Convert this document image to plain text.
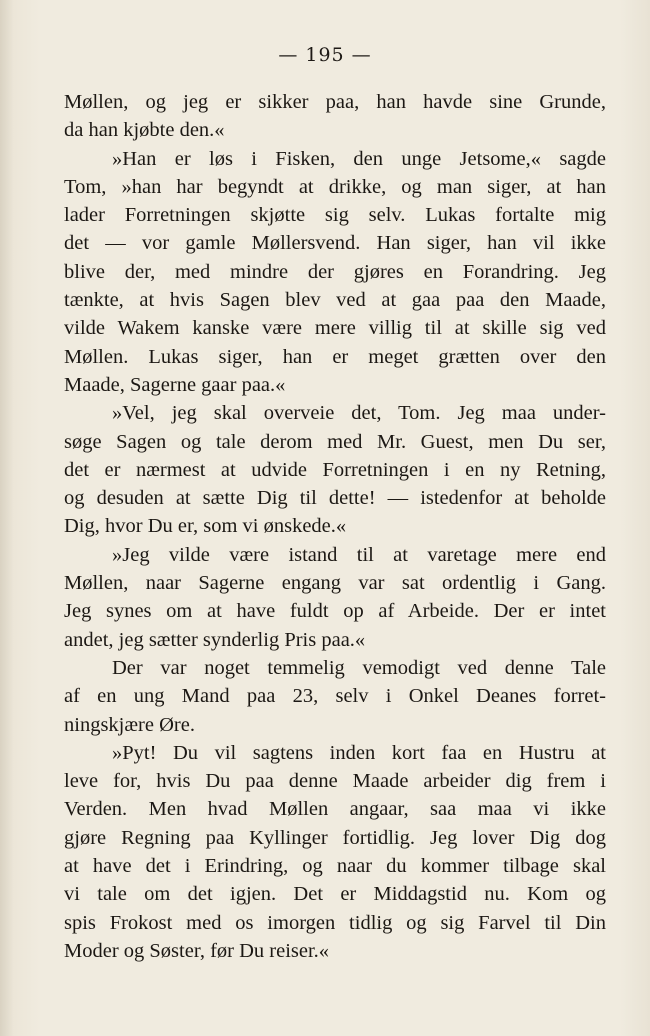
— 195 —
Møllen, og jeg er sikker paa, han havde sine Grunde,
da han kjøbte den.«
»Han er løs i Fisken, den unge Jetsome,« sagde
Tom, »han har begyndt at drikke, og man siger, at han
lader Forretningen skjøtte sig selv. Lukas fortalte mig
det — vor gamle Møllersvend. Han siger, han vil ikke
blive der, med mindre der gjøres en Forandring. Jeg
tænkte, at hvis Sagen blev ved at gaa paa den Maade,
vilde Wakem kanske være mere villig til at skille sig ved
Møllen. Lukas siger, han er meget grætten over den
Maade, Sagerne gaar paa.«
»Vel, jeg skal overveie det, Tom. Jeg maa under-
søge Sagen og tale derom med Mr. Guest, men Du ser,
det er nærmest at udvide Forretningen i en ny Retning,
og desuden at sætte Dig til dette! — istedenfor at beholde
Dig, hvor Du er, som vi ønskede.«
»Jeg vilde være istand til at varetage mere end
Møllen, naar Sagerne engang var sat ordentlig i Gang.
Jeg synes om at have fuldt op af Arbeide. Der er intet
andet, jeg sætter synderlig Pris paa.«
Der var noget temmelig vemodigt ved denne Tale
af en ung Mand paa 23, selv i Onkel Deanes forret-
ningskjære Øre.
»Pyt! Du vil sagtens inden kort faa en Hustru at
leve for, hvis Du paa denne Maade arbeider dig frem i
Verden. Men hvad Møllen angaar, saa maa vi ikke
gjøre Regning paa Kyllinger fortidlig. Jeg lover Dig dog
at have det i Erindring, og naar du kommer tilbage skal
vi tale om det igjen. Det er Middagstid nu. Kom og
spis Frokost med os imorgen tidlig og sig Farvel til Din
Moder og Søster, før Du reiser.«
